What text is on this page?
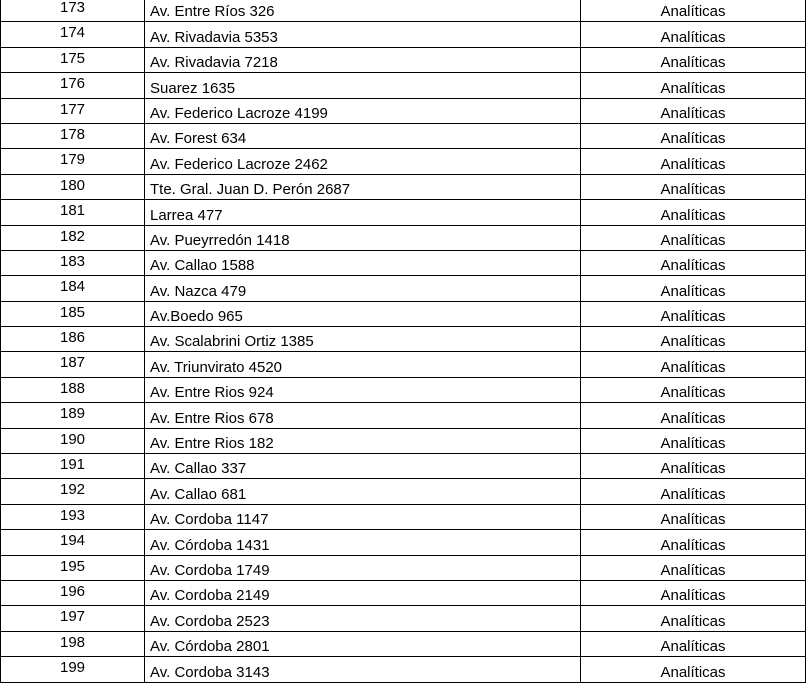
173	Av. Entre Ríos 326	Analíticas
174	Av. Rivadavia 5353	Analíticas
175	Av. Rivadavia 7218	Analíticas
176	Suarez 1635	Analíticas
177	Av. Federico Lacroze 4199	Analíticas
178	Av. Forest 634	Analíticas
179	Av. Federico Lacroze 2462	Analíticas
180	Tte. Gral. Juan D. Perón 2687	Analíticas
181	Larrea 477	Analíticas
182	Av. Pueyrredón 1418	Analíticas
183	Av. Callao 1588	Analíticas
184	Av. Nazca 479	Analíticas
185	Av.Boedo 965	Analíticas
186	Av. Scalabrini Ortiz 1385	Analíticas
187	Av. Triunvirato 4520	Analíticas
188	Av. Entre Rios 924	Analíticas
189	Av. Entre Rios 678	Analíticas
190	Av. Entre Rios 182	Analíticas
191	Av. Callao 337	Analíticas
192	Av. Callao 681	Analíticas
193	Av. Cordoba 1147	Analíticas
194	Av. Córdoba 1431	Analíticas
195	Av. Cordoba 1749	Analíticas
196	Av. Cordoba 2149	Analíticas
197	Av. Cordoba 2523	Analíticas
198	Av. Córdoba 2801	Analíticas
199	Av. Cordoba 3143	Analíticas
